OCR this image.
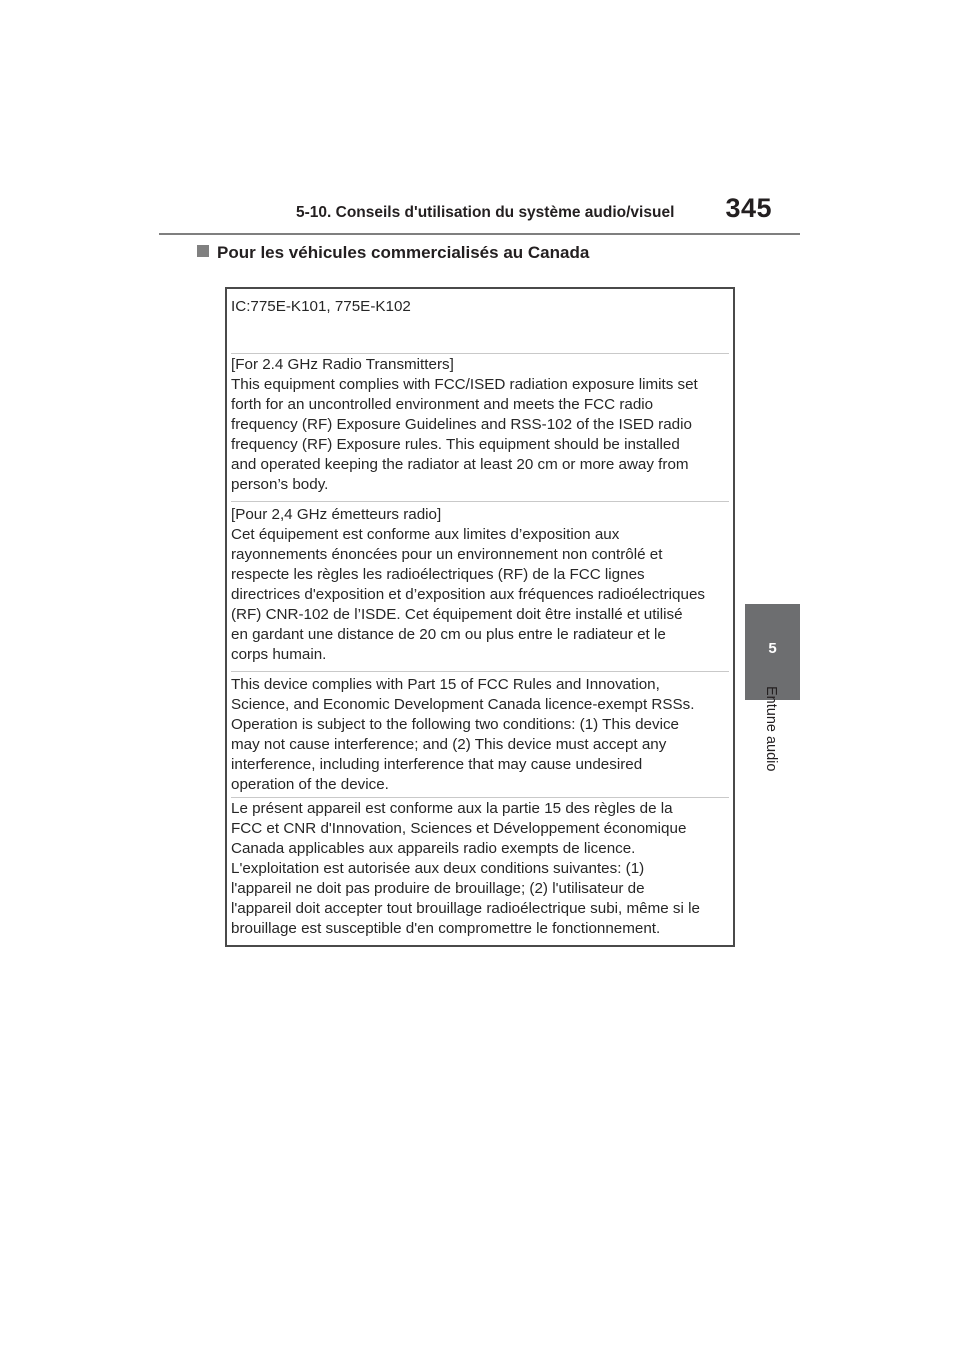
5-10. Conseils d'utilisation du système audio/visuel	345
Pour les véhicules commercialisés au Canada
IC:775E-K101, 775E-K102
[For 2.4 GHz Radio Transmitters]
This equipment complies with FCC/ISED radiation exposure limits set
forth for an uncontrolled environment and meets the FCC radio
frequency (RF) Exposure Guidelines and RSS-102 of the ISED radio
frequency (RF) Exposure rules. This equipment should be installed
and operated keeping the radiator at least 20 cm or more away from
person’s body.
[Pour 2,4 GHz émetteurs radio]
Cet équipement est conforme aux limites d’exposition aux
rayonnements énoncées pour un environnement non contrôlé et
respecte les règles les radioélectriques (RF) de la FCC lignes
directrices d'exposition et d’exposition aux fréquences radioélectriques
(RF) CNR-102 de l’ISDE. Cet équipement doit être installé et utilisé
en gardant une distance de 20 cm ou plus entre le radiateur et le
corps humain.
This device complies with Part 15 of FCC Rules and Innovation,
Science, and Economic Development Canada licence-exempt RSSs.
Operation is subject to the following two conditions: (1) This device
may not cause interference; and (2) This device must accept any
interference, including interference that may cause undesired
operation of the device.
Le présent appareil est conforme aux la partie 15 des règles de la
FCC et CNR d'Innovation, Sciences et Développement économique
Canada applicables aux appareils radio exempts de licence.
L'exploitation est autorisée aux deux conditions suivantes: (1)
l'appareil ne doit pas produire de brouillage; (2) l'utilisateur de
l'appareil doit accepter tout brouillage radioélectrique subi, même si le
brouillage est susceptible d'en compromettre le fonctionnement.
5
Entune audio
